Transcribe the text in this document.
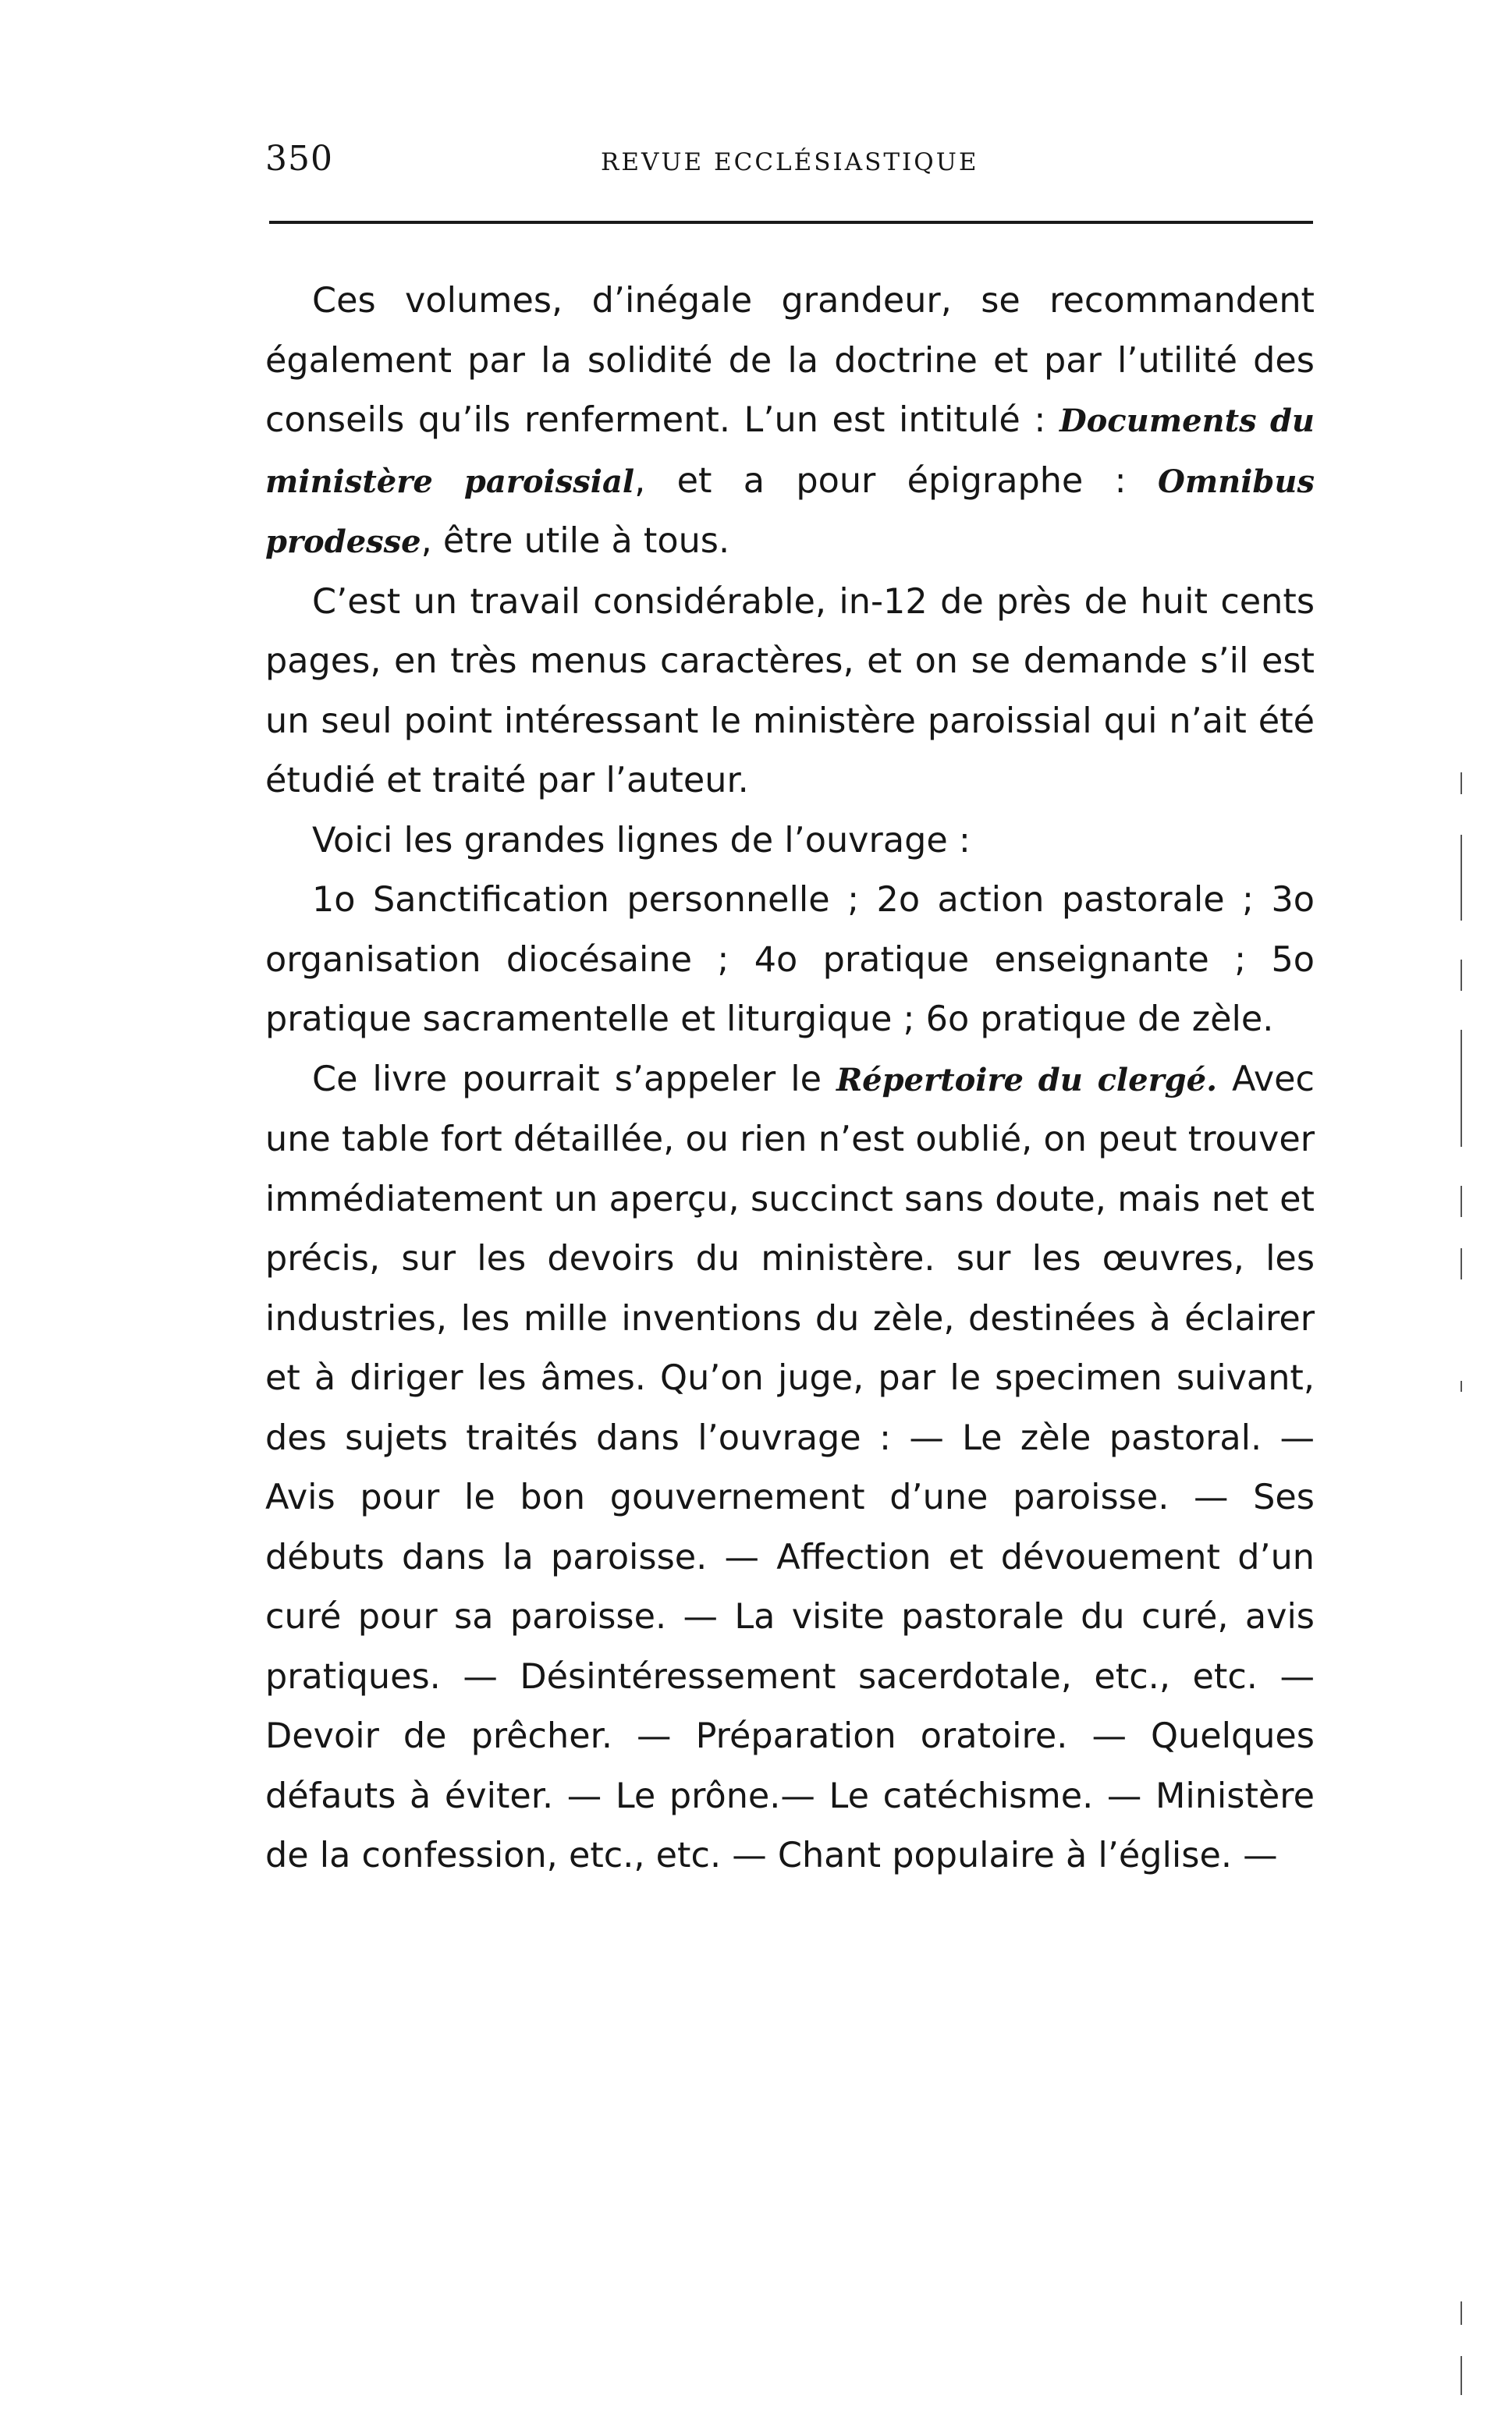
350	REVUE ECCLÉSIASTIQUE

Ces volumes, d’inégale grandeur, se recommandent également par la solidité de la doctrine et par l’utilité des conseils qu’ils renferment. L’un est intitulé : Documents du ministère paroissial, et a pour épigraphe : Omnibus prodesse, être utile à tous.

C’est un travail considérable, in-12 de près de huit cents pages, en très menus caractères, et on se demande s’il est un seul point intéressant le ministère paroissial qui n’ait été étudié et traité par l’auteur.

Voici les grandes lignes de l’ouvrage :

1o Sanctification personnelle ; 2o action pastorale ; 3o organisation diocésaine ; 4o pratique enseignante ; 5o pratique sacramentelle et liturgique ; 6o pratique de zèle.

Ce livre pourrait s’appeler le Répertoire du clergé. Avec une table fort détaillée, ou rien n’est oublié, on peut trouver immédiatement un aperçu, succinct sans doute, mais net et précis, sur les devoirs du ministère. sur les œuvres, les industries, les mille inventions du zèle, destinées à éclairer et à diriger les âmes. Qu’on juge, par le specimen suivant, des sujets traités dans l’ouvrage : — Le zèle pastoral. — Avis pour le bon gouvernement d’une paroisse. — Ses débuts dans la paroisse. — Affection et dévouement d’un curé pour sa paroisse. — La visite pastorale du curé, avis pratiques. — Désintéressement sacerdotale, etc., etc. — Devoir de prêcher. — Préparation oratoire. — Quelques défauts à éviter. — Le prône.— Le catéchisme. — Ministère de la confession, etc., etc. — Chant populaire à l’église. —
